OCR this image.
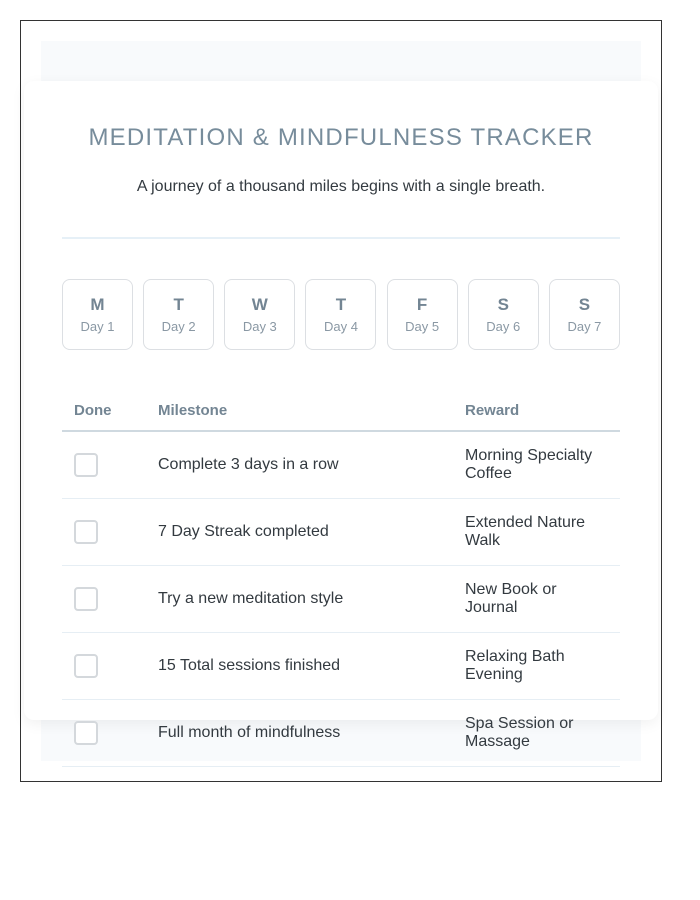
MEDITATION & MINDFULNESS TRACKER

A journey of a thousand miles begins with a single breath.

M
Day 1
T
Day 2
W
Day 3
T
Day 4
F
Day 5
S
Day 6
S
Day 7
Done	Milestone	Reward
Complete 3 days in a row
Morning Specialty Coffee
7 Day Streak completed
Extended Nature Walk
Try a new meditation style
New Book or Journal
15 Total sessions finished
Relaxing Bath Evening
Full month of mindfulness
Spa Session or Massage
